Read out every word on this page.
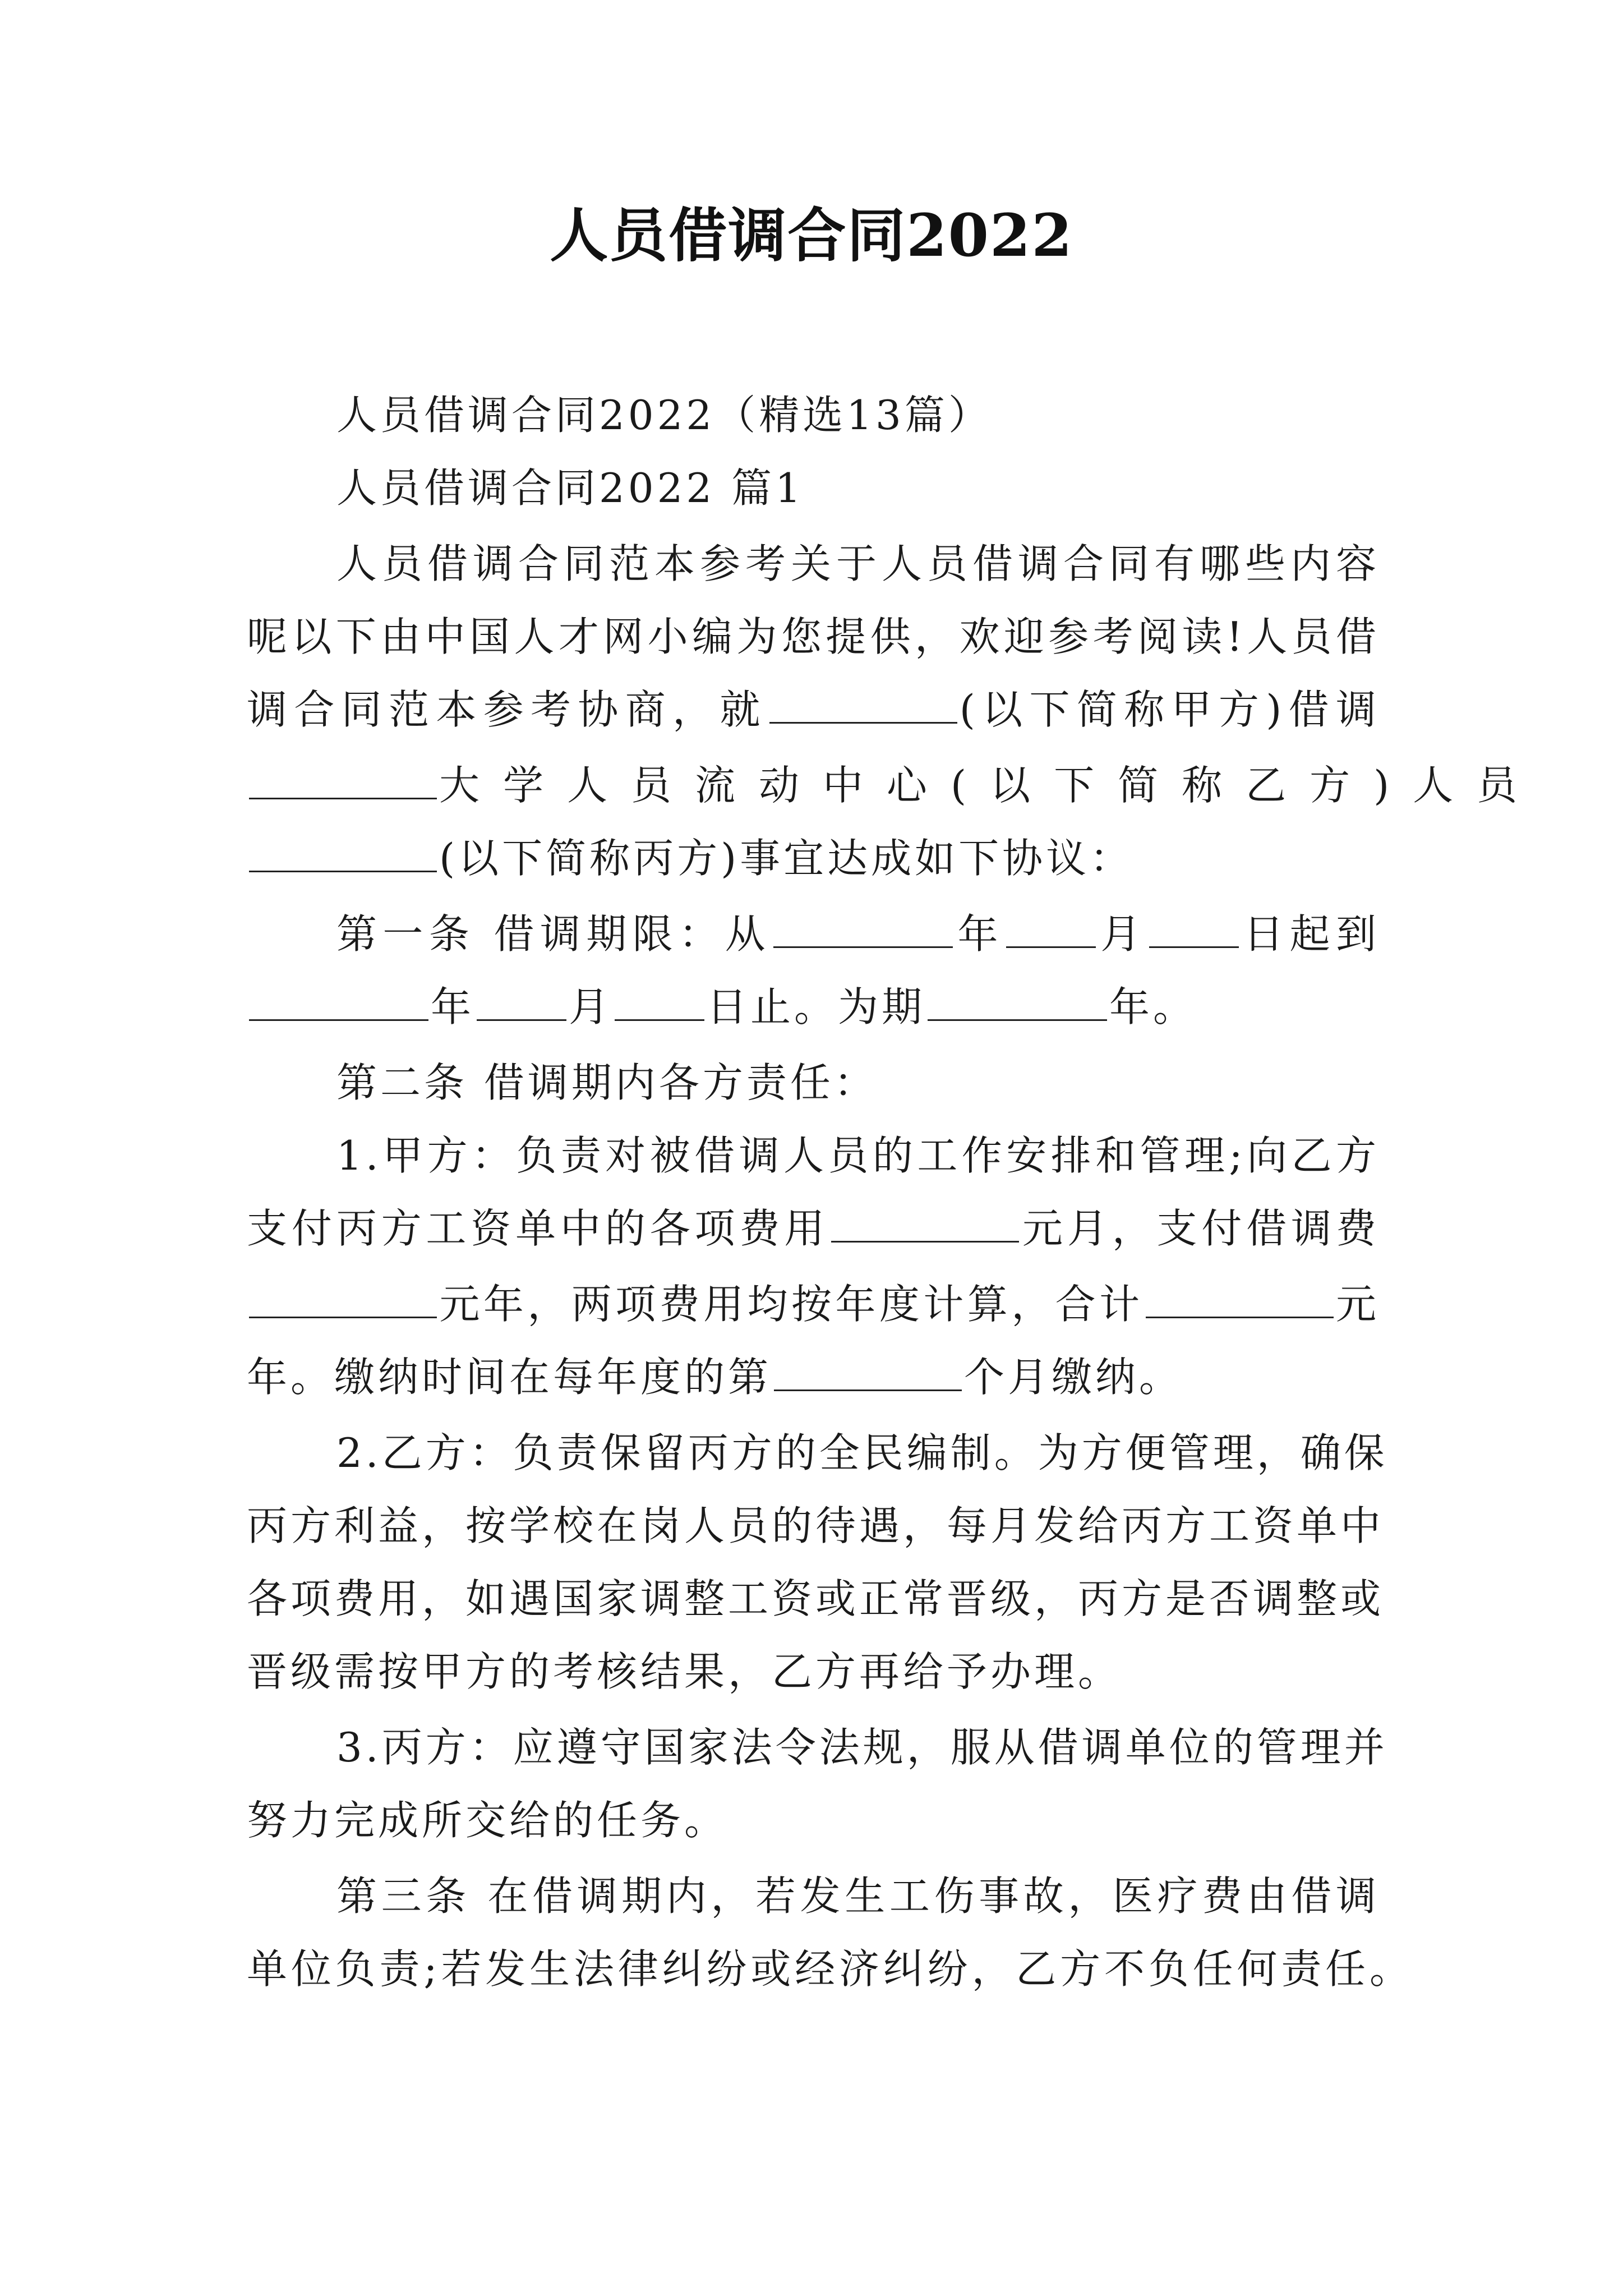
人员借调合同2022
人员借调合同2022（精选13篇）
人员借调合同2022 篇1
人员借调合同范本参考关于人员借调合同有哪些内容
呢以下由中国人才网小编为您提供，欢迎参考阅读!人员借
调合同范本参考协商，就	(以下简称甲方)借调
大学人员流动中心(以下简称乙方)人员
(以下简称丙方)事宜达成如下协议：
第一条 借调期限：从	年 月 日起到
年 月 日止。为期	年。
第二条 借调期内各方责任：
1.甲方：负责对被借调人员的工作安排和管理;向乙方
支付丙方工资单中的各项费用	元月，支付借调费
元年，两项费用均按年度计算，合计	元
年。缴纳时间在每年度的第	个月缴纳。
2.乙方：负责保留丙方的全民编制。为方便管理，确保
丙方利益，按学校在岗人员的待遇，每月发给丙方工资单中
各项费用，如遇国家调整工资或正常晋级，丙方是否调整或
晋级需按甲方的考核结果，乙方再给予办理。
3.丙方：应遵守国家法令法规，服从借调单位的管理并
努力完成所交给的任务。
第三条 在借调期内，若发生工伤事故，医疗费由借调
单位负责;若发生法律纠纷或经济纠纷，乙方不负任何责任。
